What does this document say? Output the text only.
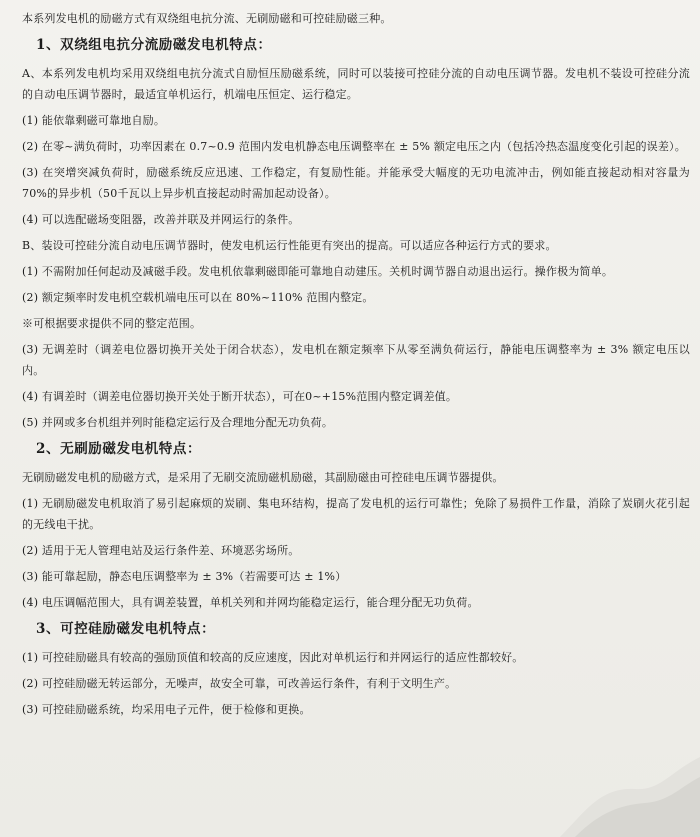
本系列发电机的励磁方式有双绕组电抗分流、无刷励磁和可控硅励磁三种。

1、双绕组电抗分流励磁发电机特点：

A、本系列发电机均采用双绕组电抗分流式自励恒压励磁系统，同时可以装接可控硅分流的自动电压调节器。发电机不装设可控硅分流的自动电压调节器时，最适宜单机运行，机端电压恒定、运行稳定。

(1) 能依靠剩磁可靠地自励。

(2) 在零~满负荷时，功率因素在 0.7~0.9 范围内发电机静态电压调整率在 ± 5% 额定电压之内（包括冷热态温度变化引起的误差）。

(3) 在突增突减负荷时，励磁系统反应迅速、工作稳定，有复励性能。并能承受大幅度的无功电流冲击，例如能直接起动相对容量为70%的异步机（50千瓦以上异步机直接起动时需加起动设备）。

(4) 可以选配磁场变阻器，改善并联及并网运行的条件。

B、装设可控硅分流自动电压调节器时，使发电机运行性能更有突出的提高。可以适应各种运行方式的要求。

(1) 不需附加任何起动及减磁手段。发电机依靠剩磁即能可靠地自动建压。关机时调节器自动退出运行。操作极为简单。

(2) 额定频率时发电机空载机端电压可以在 80%~110% 范围内整定。

※可根据要求提供不同的整定范围。

(3) 无调差时（调差电位器切换开关处于闭合状态），发电机在额定频率下从零至满负荷运行，静能电压调整率为 ± 3% 额定电压以内。

(4) 有调差时（调差电位器切换开关处于断开状态），可在0~+15%范围内整定调差值。

(5) 并网或多台机组并列时能稳定运行及合理地分配无功负荷。

2、无刷励磁发电机特点：

无刷励磁发电机的励磁方式，是采用了无刷交流励磁机励磁，其副励磁由可控硅电压调节器提供。

(1) 无刷励磁发电机取消了易引起麻烦的炭刷、集电环结构，提高了发电机的运行可靠性；免除了易损件工作量，消除了炭刷火花引起的无线电干扰。

(2) 适用于无人管理电站及运行条件差、环境恶劣场所。

(3) 能可靠起励，静态电压调整率为 ± 3%（若需要可达 ± 1%）

(4) 电压调幅范围大，具有调差装置，单机关列和并网均能稳定运行，能合理分配无功负荷。

3、可控硅励磁发电机特点：

(1) 可控硅励磁具有较高的强励顶值和较高的反应速度，因此对单机运行和并网运行的适应性都较好。

(2) 可控硅励磁无转运部分，无噪声，故安全可靠，可改善运行条件，有利于文明生产。

(3) 可控硅励磁系统，均采用电子元件，便于检修和更换。
